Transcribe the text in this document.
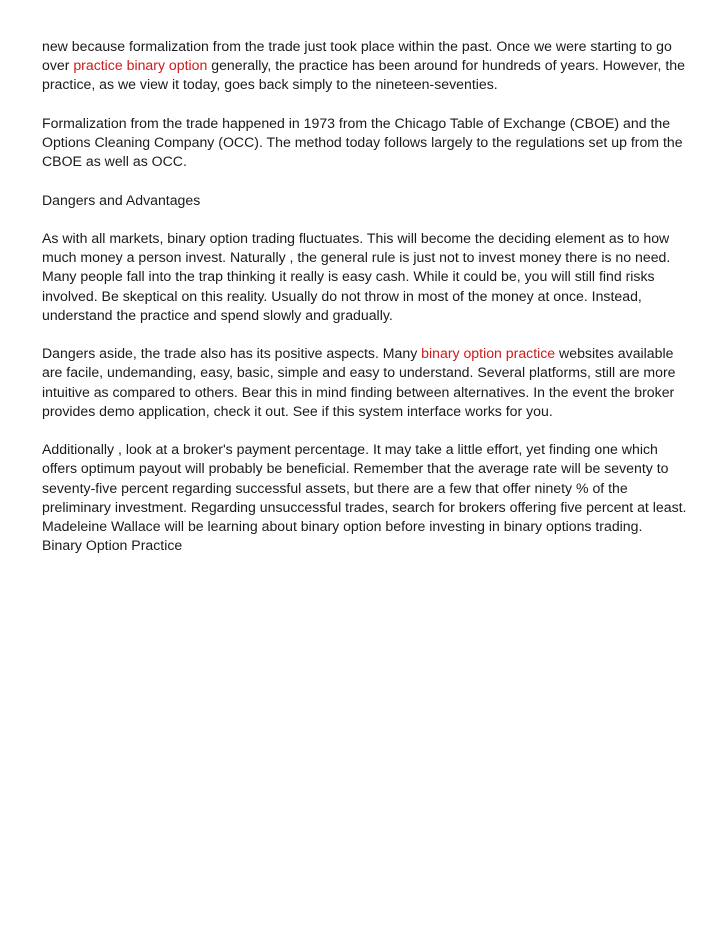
new because formalization from the trade just took place within the past. Once we were starting to go over practice binary option generally, the practice has been around for hundreds of years. However, the practice, as we view it today, goes back simply to the nineteen-seventies.

Formalization from the trade happened in 1973 from the Chicago Table of Exchange (CBOE) and the Options Cleaning Company (OCC). The method today follows largely to the regulations set up from the CBOE as well as OCC.

Dangers and Advantages

As with all markets, binary option trading fluctuates. This will become the deciding element as to how much money a person invest. Naturally , the general rule is just not to invest money there is no need. Many people fall into the trap thinking it really is easy cash. While it could be, you will still find risks involved. Be skeptical on this reality. Usually do not throw in most of the money at once. Instead, understand the practice and spend slowly and gradually.

Dangers aside, the trade also has its positive aspects. Many binary option practice websites available are facile, undemanding, easy, basic, simple and easy to understand. Several platforms, still are more intuitive as compared to others. Bear this in mind finding between alternatives. In the event the broker provides demo application, check it out. See if this system interface works for you.

Additionally , look at a broker's payment percentage. It may take a little effort, yet finding one which offers optimum payout will probably be beneficial. Remember that the average rate will be seventy to seventy-five percent regarding successful assets, but there are a few that offer ninety % of the preliminary investment. Regarding unsuccessful trades, search for brokers offering five percent at least. Madeleine Wallace will be learning about binary option before investing in binary options trading.

Binary Option Practice
